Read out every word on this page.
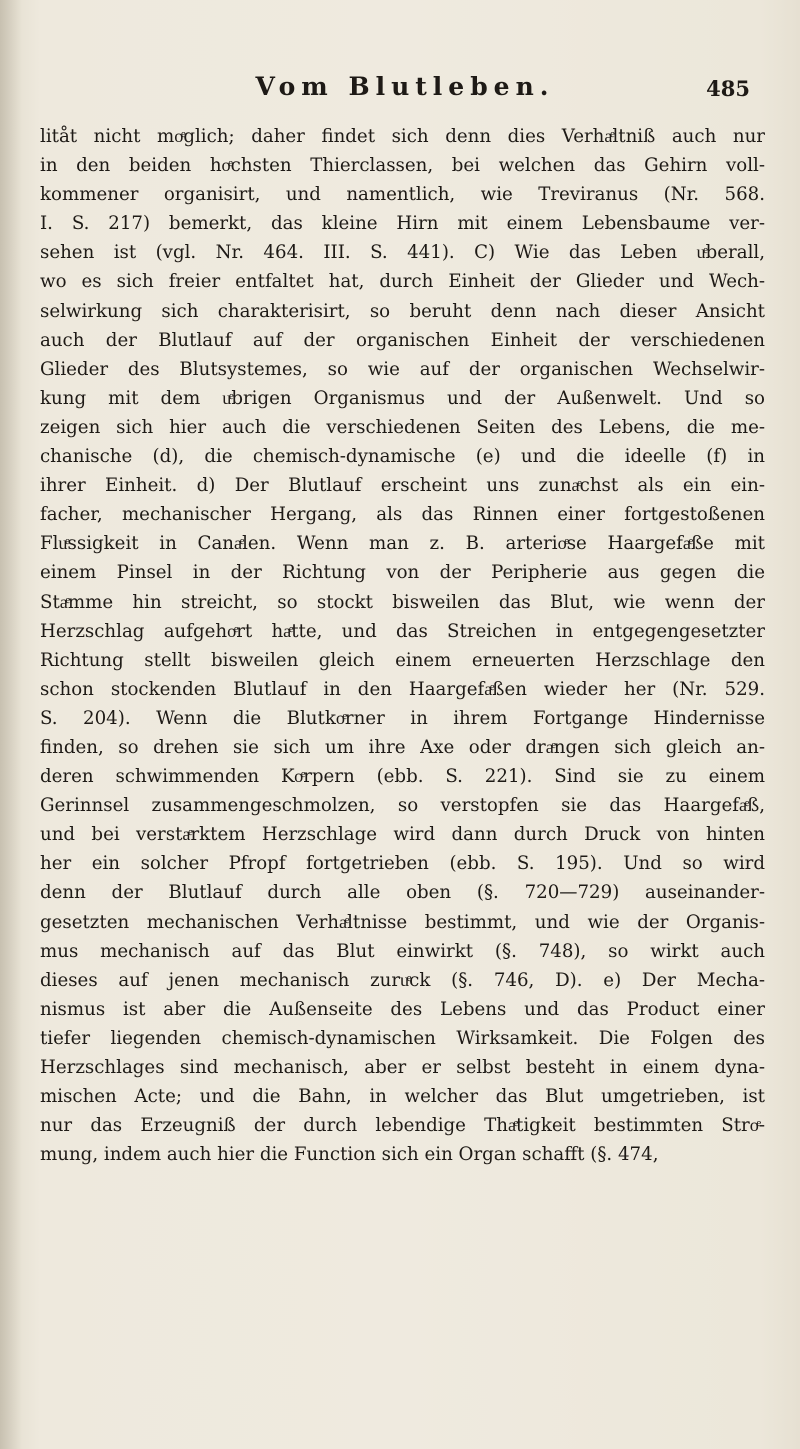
Vom Blutleben.	485
litåt nicht moͤglich; daher findet sich denn dies Verhaͤltniß auch nur
in den beiden hoͤchsten Thierclassen, bei welchen das Gehirn voll-
kommener organisirt, und namentlich, wie Treviranus (Nr. 568.
I. S. 217) bemerkt, das kleine Hirn mit einem Lebensbaume ver-
sehen ist (vgl. Nr. 464. III. S. 441). C) Wie das Leben uͤberall,
wo es sich freier entfaltet hat, durch Einheit der Glieder und Wech-
selwirkung sich charakterisirt, so beruht denn nach dieser Ansicht
auch der Blutlauf auf der organischen Einheit der verschiedenen
Glieder des Blutsystemes, so wie auf der organischen Wechselwir-
kung mit dem uͤbrigen Organismus und der Außenwelt. Und so
zeigen sich hier auch die verschiedenen Seiten des Lebens, die me-
chanische (d), die chemisch-dynamische (e) und die ideelle (f) in
ihrer Einheit. d) Der Blutlauf erscheint uns zunaͤchst als ein ein-
facher, mechanischer Hergang, als das Rinnen einer fortgestoßenen
Fluͤssigkeit in Canaͤlen. Wenn man z. B. arterioͤse Haargefaͤße mit
einem Pinsel in der Richtung von der Peripherie aus gegen die
Staͤmme hin streicht, so stockt bisweilen das Blut, wie wenn der
Herzschlag aufgehoͤrt haͤtte, und das Streichen in entgegengesetzter
Richtung stellt bisweilen gleich einem erneuerten Herzschlage den
schon stockenden Blutlauf in den Haargefaͤßen wieder her (Nr. 529.
S. 204). Wenn die Blutkoͤrner in ihrem Fortgange Hindernisse
finden, so drehen sie sich um ihre Axe oder draͤngen sich gleich an-
deren schwimmenden Koͤrpern (ebb. S. 221). Sind sie zu einem
Gerinnsel zusammengeschmolzen, so verstopfen sie das Haargefaͤß,
und bei verstaͤrktem Herzschlage wird dann durch Druck von hinten
her ein solcher Pfropf fortgetrieben (ebb. S. 195). Und so wird
denn der Blutlauf durch alle oben (§. 720—729) auseinander-
gesetzten mechanischen Verhaͤltnisse bestimmt, und wie der Organis-
mus mechanisch auf das Blut einwirkt (§. 748), so wirkt auch
dieses auf jenen mechanisch zuruͤck (§. 746, D). e) Der Mecha-
nismus ist aber die Außenseite des Lebens und das Product einer
tiefer liegenden chemisch-dynamischen Wirksamkeit. Die Folgen des
Herzschlages sind mechanisch, aber er selbst besteht in einem dyna-
mischen Acte; und die Bahn, in welcher das Blut umgetrieben, ist
nur das Erzeugniß der durch lebendige Thaͤtigkeit bestimmten Stroͤ-
mung, indem auch hier die Function sich ein Organ schafft (§. 474,
